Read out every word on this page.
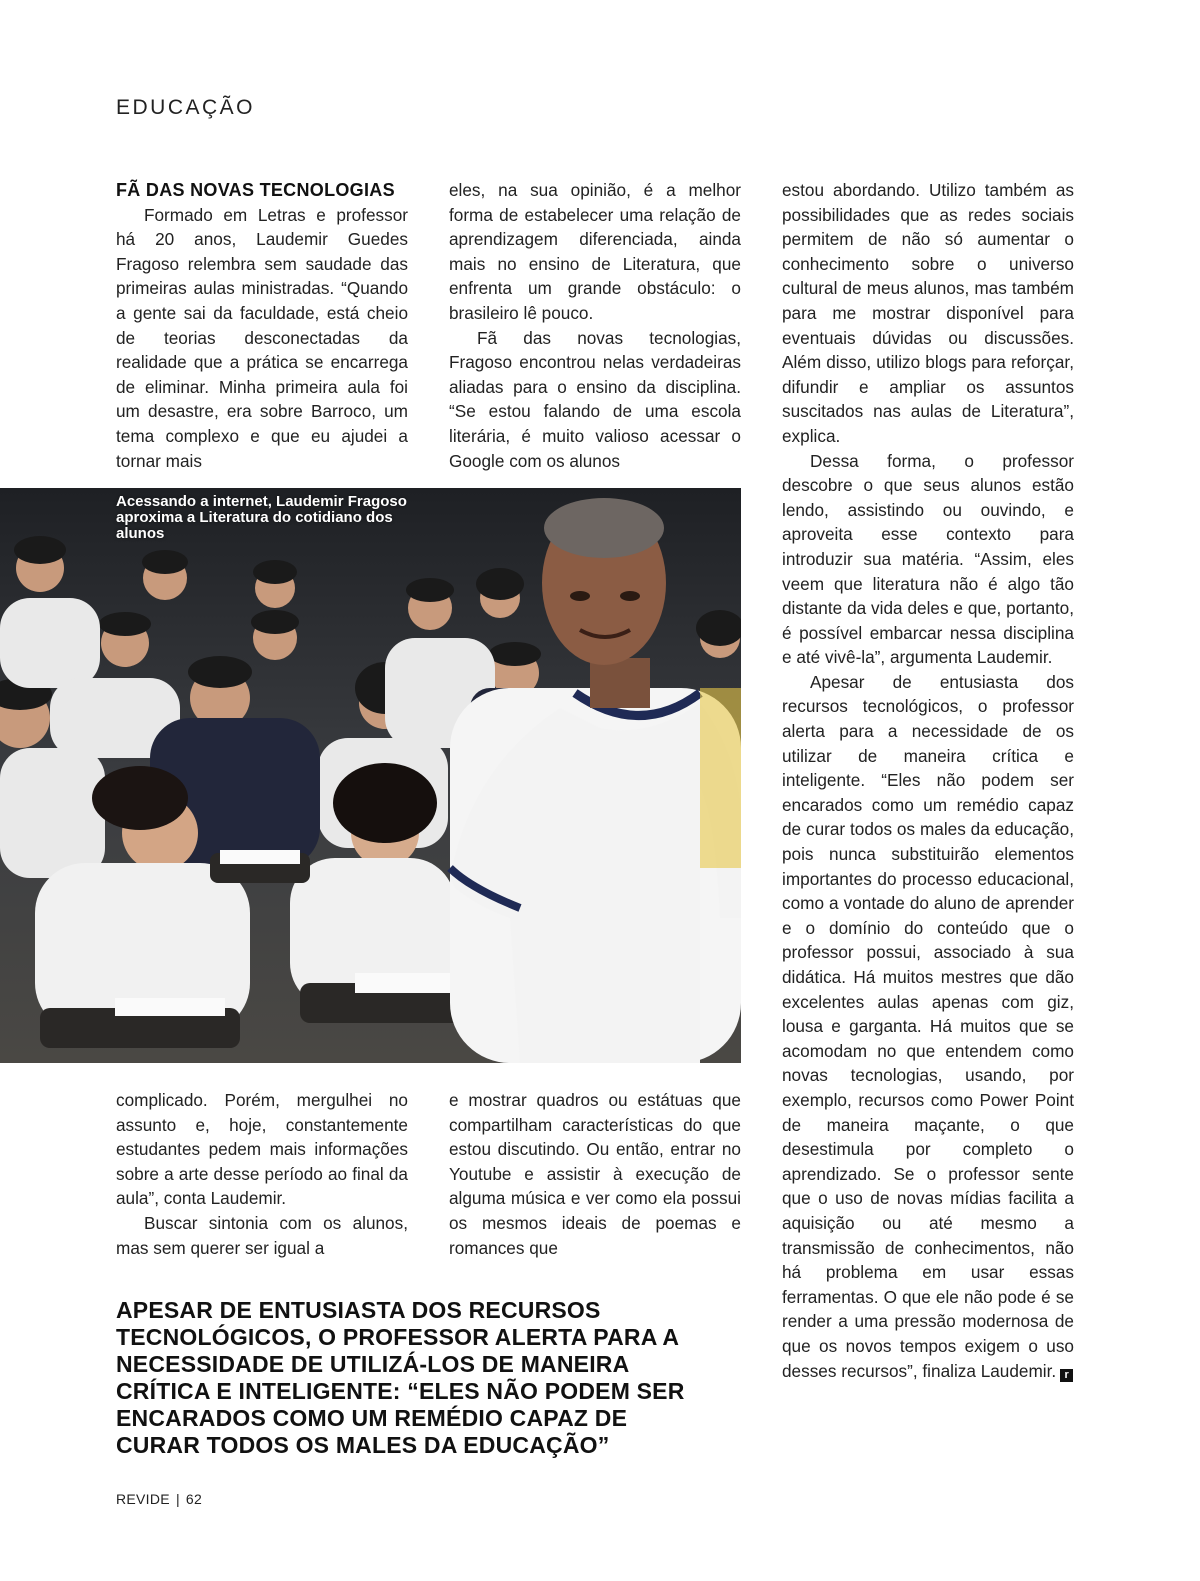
EDUCAÇÃO
FÃ DAS NOVAS TECNOLOGIAS

Formado em Letras e professor há 20 anos, Laudemir Guedes Fragoso relembra sem saudade das primeiras aulas ministradas. “Quando a gente sai da faculdade, está cheio de teorias desconectadas da realidade que a prática se encarrega de eliminar. Minha primeira aula foi um desastre, era sobre Barroco, um tema complexo e que eu ajudei a tornar mais

eles, na sua opinião, é a melhor forma de estabelecer uma relação de aprendizagem diferenciada, ainda mais no ensino de Literatura, que enfrenta um grande obstáculo: o brasileiro lê pouco.

Fã das novas tecnologias, Fragoso encontrou nelas verdadeiras aliadas para o ensino da disciplina. “Se estou falando de uma escola literária, é muito valioso acessar o Google com os alunos

estou abordando. Utilizo também as possibilidades que as redes sociais permitem de não só aumentar o conhecimento sobre o universo cultural de meus alunos, mas também para me mostrar disponível para eventuais dúvidas ou discussões. Além disso, utilizo blogs para reforçar, difundir e ampliar os assuntos suscitados nas aulas de Literatura”, explica.

Dessa forma, o professor descobre o que seus alunos estão lendo, assistindo ou ouvindo, e aproveita esse contexto para introduzir sua matéria. “Assim, eles veem que literatura não é algo tão distante da vida deles e que, portanto, é possível embarcar nessa disciplina e até vivê-la”, argumenta Laudemir.

Apesar de entusiasta dos recursos tecnológicos, o professor alerta para a necessidade de os utilizar de maneira crítica e inteligente. “Eles não podem ser encarados como um remédio capaz de curar todos os males da educação, pois nunca substituirão elementos importantes do processo educacional, como a vontade do aluno de aprender e o domínio do conteúdo que o professor possui, associado à sua didática. Há muitos mestres que dão excelentes aulas apenas com giz, lousa e garganta. Há muitos que se acomodam no que entendem como novas tecnologias, usando, por exemplo, recursos como Power Point de maneira maçante, o que desestimula por completo o aprendizado. Se o professor sente que o uso de novas mídias facilita a aquisição ou até mesmo a transmissão de conhecimentos, não há problema em usar essas ferramentas. O que ele não pode é se render a uma pressão modernosa de que os novos tempos exigem o uso desses recursos”, finaliza Laudemir. r

Acessando a internet, Laudemir Fragoso aproxima a Literatura do cotidiano dos alunos

complicado. Porém, mergulhei no assunto e, hoje, constantemente estudantes pedem mais informações sobre a arte desse período ao final da aula”, conta Laudemir.

Buscar sintonia com os alunos, mas sem querer ser igual a

e mostrar quadros ou estátuas que compartilham características do que estou discutindo. Ou então, entrar no Youtube e assistir à execução de alguma música e ver como ela possui os mesmos ideais de poemas e romances que

APESAR DE ENTUSIASTA DOS RECURSOS TECNOLÓGICOS, O PROFESSOR ALERTA PARA A NECESSIDADE DE UTILIZÁ-LOS DE MANEIRA CRÍTICA E INTELIGENTE: “ELES NÃO PODEM SER ENCARADOS COMO UM REMÉDIO CAPAZ DE CURAR TODOS OS MALES DA EDUCAÇÃO”
REVIDE | 62
